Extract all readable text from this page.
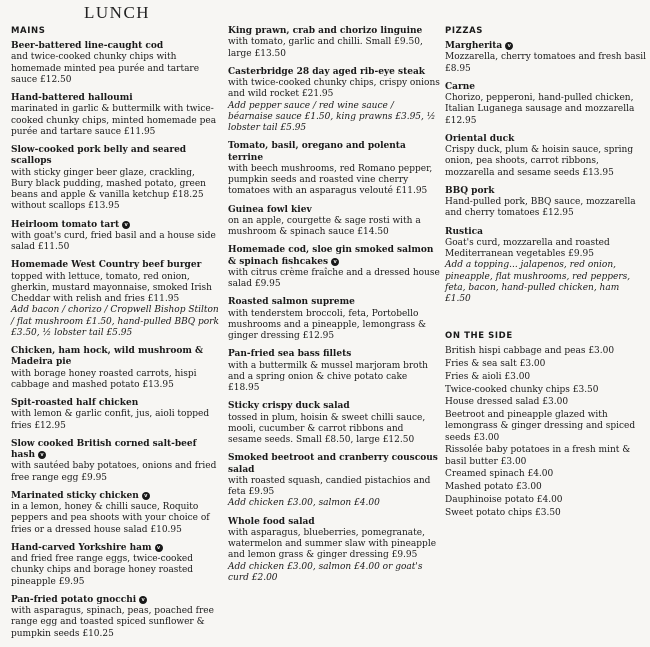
LUNCH
MAINS
Beer-battered line-caught cod
and twice-cooked chunky chips with homemade minted pea purée and tartare sauce £12.50
Hand-battered halloumi
marinated in garlic & buttermilk with twice-cooked chunky chips, minted homemade pea purée and tartare sauce £11.95
Slow-cooked pork belly and seared scallops
with sticky ginger beer glaze, crackling, Bury black pudding, mashed potato, green beans and apple & vanilla ketchup £18.25 without scallops £13.95
Heirloom tomato tart v
with goat's curd, fried basil and a house side salad £11.50
Homemade West Country beef burger
topped with lettuce, tomato, red onion, gherkin, mustard mayonnaise, smoked Irish Cheddar with relish and fries £11.95
Add bacon / chorizo / Cropwell Bishop Stilton / flat mushroom £1.50, hand-pulled BBQ pork £3.50, ½ lobster tail £5.95
Chicken, ham hock, wild mushroom & Madeira pie
with borage honey roasted carrots, hispi cabbage and mashed potato £13.95
Spit-roasted half chicken
with lemon & garlic confit, jus, aioli topped fries £12.95
Slow cooked British corned salt-beef hash v
with sautéed baby potatoes, onions and fried free range egg £9.95
Marinated sticky chicken v
in a lemon, honey & chilli sauce, Roquito peppers and pea shoots with your choice of fries or a dressed house salad £10.95
Hand-carved Yorkshire ham v
and fried free range eggs, twice-cooked chunky chips and borage honey roasted pineapple £9.95
Pan-fried potato gnocchi v
with asparagus, spinach, peas, poached free range egg and toasted spiced sunflower & pumpkin seeds £10.25
King prawn, crab and chorizo linguine
with tomato, garlic and chilli. Small £9.50, large £13.50
Casterbridge 28 day aged rib-eye steak
with twice-cooked chunky chips, crispy onions and wild rocket £21.95
Add pepper sauce / red wine sauce / béarnaise sauce £1.50, king prawns £3.95, ½ lobster tail £5.95
Tomato, basil, oregano and polenta terrine
with beech mushrooms, red Romano pepper, pumpkin seeds and roasted vine cherry tomatoes with an asparagus velouté £11.95
Guinea fowl kiev
on an apple, courgette & sage rosti with a mushroom & spinach sauce £14.50
Homemade cod, sloe gin smoked salmon & spinach fishcakes v
with citrus crème fraîche and a dressed house salad £9.95
Roasted salmon supreme
with tenderstem broccoli, feta, Portobello mushrooms and a pineapple, lemongrass & ginger dressing £12.95
Pan-fried sea bass fillets
with a buttermilk & mussel marjoram broth and a spring onion & chive potato cake £18.95
Sticky crispy duck salad
tossed in plum, hoisin & sweet chilli sauce, mooli, cucumber & carrot ribbons and sesame seeds. Small £8.50, large £12.50
Smoked beetroot and cranberry couscous salad
with roasted squash, candied pistachios and feta £9.95
Add chicken £3.00, salmon £4.00
Whole food salad
with asparagus, blueberries, pomegranate, watermelon and summer slaw with pineapple and lemon grass & ginger dressing £9.95
Add chicken £3.00, salmon £4.00 or goat's curd £2.00
PIZZAS
Margherita v
Mozzarella, cherry tomatoes and fresh basil £8.95
Carne
Chorizo, pepperoni, hand-pulled chicken, Italian Luganega sausage and mozzarella £12.95
Oriental duck
Crispy duck, plum & hoisin sauce, spring onion, pea shoots, carrot ribbons, mozzarella and sesame seeds £13.95
BBQ pork
Hand-pulled pork, BBQ sauce, mozzarella and cherry tomatoes £12.95
Rustica
Goat's curd, mozzarella and roasted Mediterranean vegetables £9.95
Add a topping... jalapenos, red onion, pineapple, flat mushrooms, red peppers, feta, bacon, hand-pulled chicken, ham £1.50
ON THE SIDE
British hispi cabbage and peas £3.00
Fries & sea salt £3.00
Fries & aioli £3.00
Twice-cooked chunky chips £3.50
House dressed salad £3.00
Beetroot and pineapple glazed with lemongrass & ginger dressing and spiced seeds £3.00
Rissolée baby potatoes in a fresh mint & basil butter £3.00
Creamed spinach £4.00
Mashed potato £3.00
Dauphinoise potato £4.00
Sweet potato chips £3.50
